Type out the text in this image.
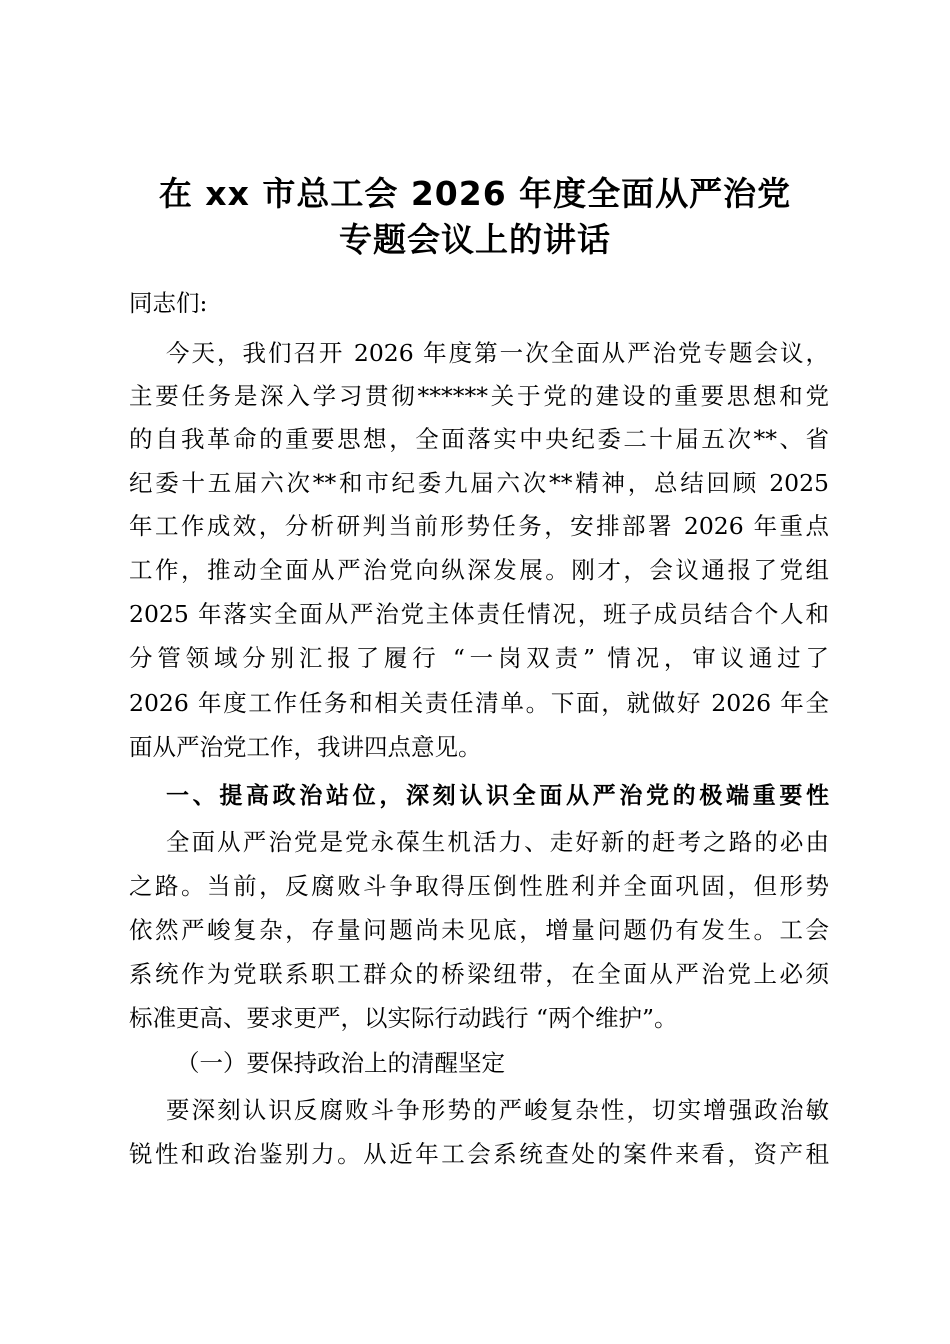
在 xx 市总工会 2026 年度全面从严治党
专题会议上的讲话
同志们:
今天，我们召开 2026 年度第一次全面从严治党专题会议，
主要任务是深入学习贯彻******关于党的建设的重要思想和党
的自我革命的重要思想，全面落实中央纪委二十届五次**、省
纪委十五届六次**和市纪委九届六次**精神，总结回顾 2025
年工作成效，分析研判当前形势任务，安排部署 2026 年重点
工作，推动全面从严治党向纵深发展。刚才，会议通报了党组
2025 年落实全面从严治党主体责任情况，班子成员结合个人和
分管领域分别汇报了履行 “一岗双责” 情况，审议通过了
2026 年度工作任务和相关责任清单。下面，就做好 2026 年全
面从严治党工作，我讲四点意见。
一、提高政治站位，深刻认识全面从严治党的极端重要性
全面从严治党是党永葆生机活力、走好新的赶考之路的必由
之路。当前，反腐败斗争取得压倒性胜利并全面巩固，但形势
依然严峻复杂，存量问题尚未见底，增量问题仍有发生。工会
系统作为党联系职工群众的桥梁纽带，在全面从严治党上必须
标准更高、要求更严，以实际行动践行 “两个维护”。
（一）要保持政治上的清醒坚定
要深刻认识反腐败斗争形势的严峻复杂性，切实增强政治敏
锐性和政治鉴别力。从近年工会系统查处的案件来看，资产租
